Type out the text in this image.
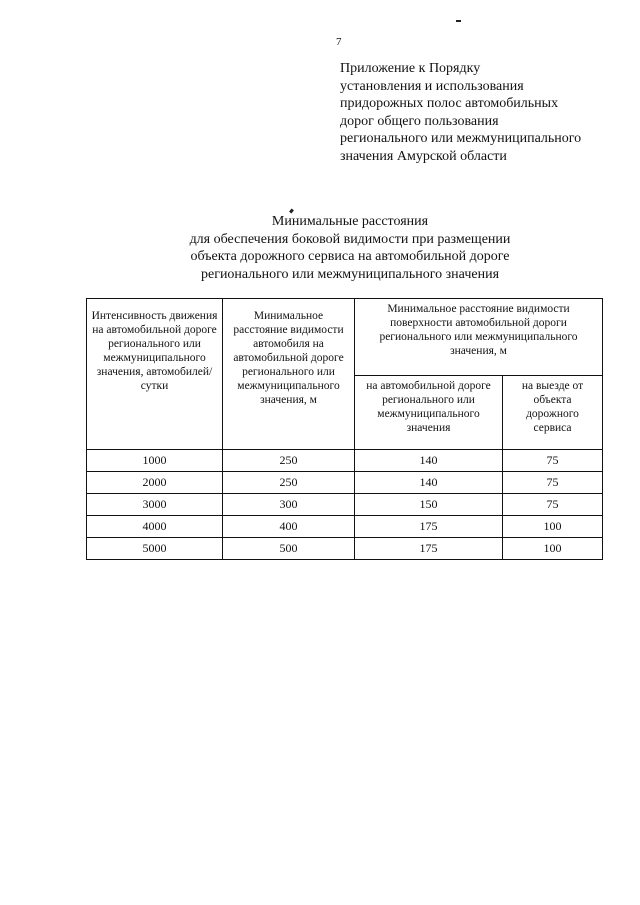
7
Приложение к Порядку
установления и использования
придорожных полос автомобильных
дорог общего пользования
регионального или межмуниципального
значения Амурской области
Минимальные расстояния
для обеспечения боковой видимости при размещении
объекта дорожного сервиса на автомобильной дороге
регионального или межмуниципального значения
Интенсивность движения на автомобильной дороге регионального или межмуниципального значения, автомобилей/сутки	Минимальное расстояние видимости автомобиля на автомобильной дороге регионального или межмуниципального значения, м	Минимальное расстояние видимости поверхности автомобильной дороги регионального или межмуниципального значения, м	
		на автомобильной дороге регионального или межмуниципального значения	на выезде от объекта дорожного сервиса
1000	250	140	75
2000	250	140	75
3000	300	150	75
4000	400	175	100
5000	500	175	100
